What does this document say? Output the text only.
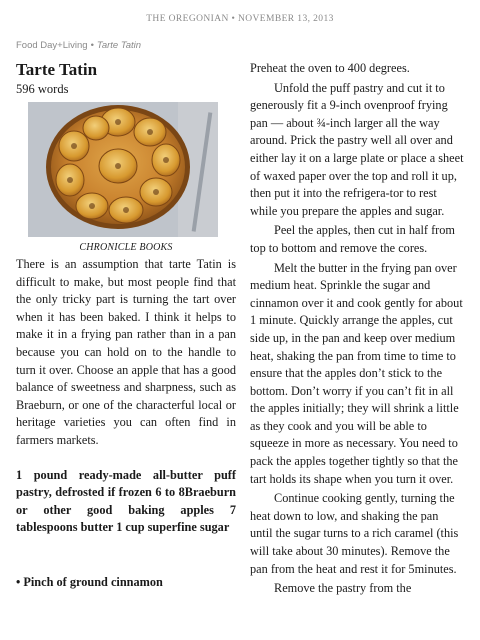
THE OREGONIAN • NOVEMBER 13, 2013
Food Day+Living • Tarte Tatin
Tarte Tatin
596 words
CHRONICLE BOOKS

There is an assumption that tarte Tatin is difficult to make, but most people find that the only tricky part is turning the tart over when it has been baked. I think it helps to make it in a frying pan rather than in a pan because you can hold on to the handle to turn it over. Choose an apple that has a good balance of sweetness and sharpness, such as Braeburn, or one of the characterful local or heritage varieties you can often find in farmers markets.

1 pound ready-made all-butter puff pastry, defrosted if frozen 6 to 8Braeburn or other good baking apples 7 tablespoons butter 1 cup superfine sugar

• Pinch of ground cinnamon

Preheat the oven to 400 degrees.

Unfold the puff pastry and cut it to generously fit a 9-inch ovenproof frying pan — about ¾-inch larger all the way around. Prick the pastry well all over and either lay it on a large plate or place a sheet of waxed paper over the top and roll it up, then put it into the refrigera-tor to rest while you prepare the apples and sugar.

Peel the apples, then cut in half from top to bottom and remove the cores.

Melt the butter in the frying pan over medium heat. Sprinkle the sugar and cinnamon over it and cook gently for about 1 minute. Quickly arrange the apples, cut side up, in the pan and keep over medium heat, shaking the pan from time to time to ensure that the apples don’t stick to the bottom. Don’t worry if you can’t fit in all the apples initially; they will shrink a little as they cook and you will be able to squeeze in more as necessary. You need to pack the apples together tightly so that the tart holds its shape when you turn it over.

Continue cooking gently, turning the heat down to low, and shaking the pan until the sugar turns to a rich caramel (this will take about 30 minutes). Remove the pan from the heat and rest it for 5minutes.

Remove the pastry from the
